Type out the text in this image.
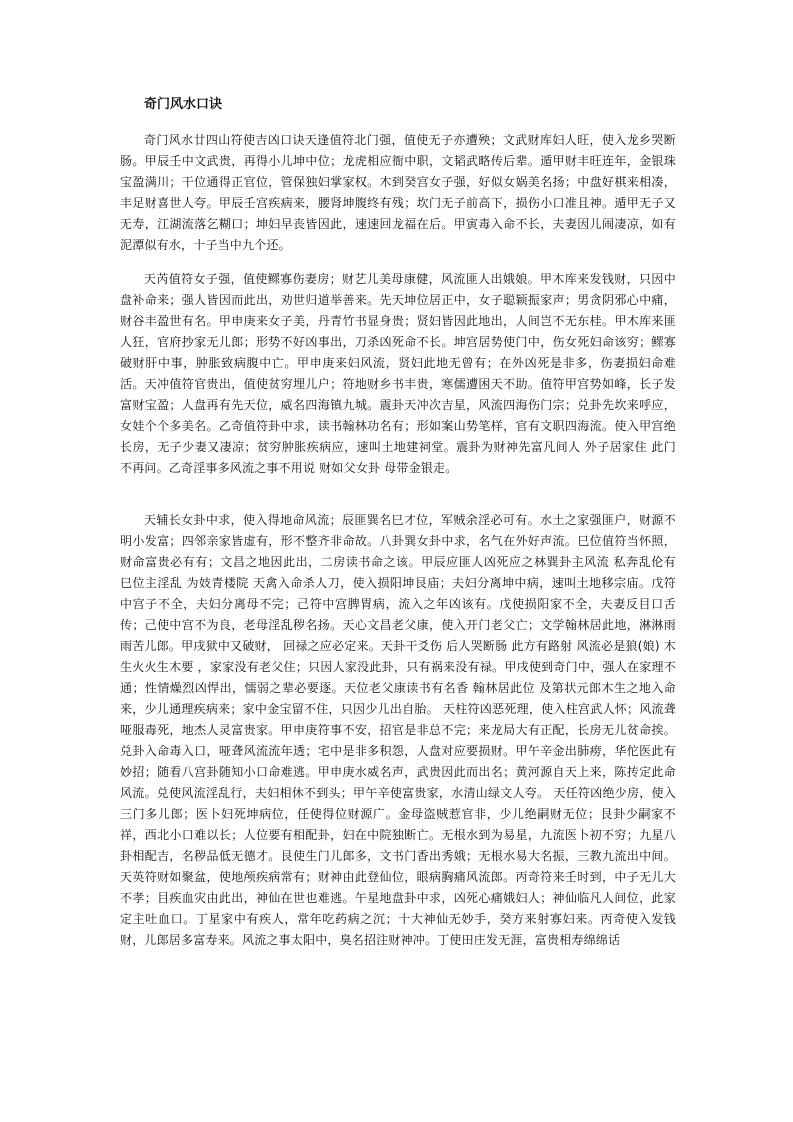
奇门风水口诀

奇门风水廿四山符使吉凶口诀天逢值符北门强，值使无子亦遭殃；文武财库妇人旺，使入龙乡哭断肠。甲辰壬中文武贵，再得小儿坤中位；龙虎相应衙中职，文韬武略传后辈。遁甲财丰旺连年，金银珠宝盈满川；干位通得正官位，管保独妇掌家权。木到癸宫女子强，好似女娲美名扬；中盘好棋来相凑，丰足财喜世人夸。甲辰壬宫疾病来，腰肾坤腹终有残；坎门无子前高下，损伤小口准且神。遁甲无子又无寿，江湖流落乞糊口；坤妇早丧皆因此，速速回龙福在后。甲寅毒入命不长，夫妻因儿闹凄凉，如有泥潭似有水，十子当中九个还。

天芮值符女子强，值使鳏寡伤妻房；财艺儿美母康健，风流匪人出娥娘。甲木库来发钱财，只因中盘补命来；强人皆因而此出，劝世归道举善来。先天坤位居正中，女子聪颖振家声；男贪阴邪心中痛，财谷丰盈世有名。甲申庚来女子美，丹青竹书显身贵；贤妇皆因此地出，人间岂不无东桂。甲木库来匪人狂，官府抄家无儿郎；形势不好凶事出，刀杀凶死命不长。坤宫居势使门中，伤女死妇命该穷；鳏寡破财肝中事，肿胀致病腹中亡。甲申庚来妇风流，贤妇此地无曾有；在外凶死是非多，伤妻损妇命难活。天冲值符官贵出，值使贫穷埋儿户；符地财乡书丰贵，寒儒遭困天不助。值符甲宫势如峰，长子发富财宝盈；人盘再有先天位，威名四海镇九城。震卦天冲次吉星，风流四海伤门宗；兑卦先坎来呼应，女娃个个多美名。乙奇值符卦中求，读书翰林功名有；形如案山势笔样，官有文职四海流。使入甲宫绝长房，无子少妻又凄凉；贫穷肿胀疾病应，速叫土地建祠堂。震卦为财神先富凡间人 外子居家住 此门不再问。乙奇淫事多风流之事不用说 财如父女卦 母带金银走。

天辅长女卦中求，使入得地命风流；辰匪巽名巳才位，军贼余淫必可有。水土之家强匪户，财源不明小发富；四邻亲家皆虚有，形不整齐非命故。八卦巽女卦中求，名气在外好声流。巳位值符当怀照，财命富贵必有有；文昌之地因此出，二房读书命之该。甲辰应匪人凶死应之林巽卦主风流 私奔乱伦有 巳位主淫乱 为妓青楼院 天禽入命杀人刀，使入损阳坤艮庙；夫妇分离坤中病，速叫土地移宗庙。戊符中宫子不全，夫妇分离母不完；己符中宫脾胃病，流入之年凶该有。戊使损阳家不全，夫妻反目口舌传；己使中宫不为良，老母淫乱秽名扬。天心文昌老父康，使入开门老父亡；文学翰林居此地，淋淋雨雨苦儿郎。甲戌狱中又破财， 回禄之应必定来。天卦干爻伤 后人哭断肠 此方有路射 风流必是狼(娘) 木生火火生木要 ，家家没有老父住；只因人家没此卦，只有祸来没有禄。甲戌使到奇门中，强人在家理不通；性情燥烈凶悍出，懦弱之辈必要逐。天位老父康读书有名香 翰林居此位 及第状元郎木生之地入命来，少儿通理疾病来；家中金宝留不住，只因少儿出自胎。 天柱符凶恶死理，使入柱宫武人怀；风流聋哑服毒死，地杰人灵富贵家。甲申庚符事不安，招官是非总不完；来龙局大有正配，长房无儿贫命挨。兑卦入命毒入口，哑聋风流流年透；宅中是非多积怨，人盘对应要损财。甲午辛金出肺痨，华佗医此有妙招；随看八宫卦随知小口命难逃。甲申庚水威名声，武贵因此而出名；黄河源自天上来，陈抟定此命风流。兑使风流淫乱行，夫妇相休不到头；甲午辛使富贵家，水清山绿文人夸。 天任符凶绝少房，使入三门多儿郎；医卜妇死坤病位，任使得位财源广。金母盗贼惹官非，少儿绝嗣财无位；艮卦少嗣家不祥，西北小口难以长；人位要有相配卦，妇在中院独断亡。无根水到为易星，九流医卜初不穷；九星八卦相配吉，名秽品低无德才。艮使生门儿郎多，文书门香出秀娥；无根水易大名振，三教九流出中间。天英符财如聚盆，使地颅疾病常有；财神由此登仙位，眼病胸痛风流郎。丙奇符来壬时到，中子无儿大不孝；目疾血灾由此出，神仙在世也难逃。午星地盘卦中求，凶死心痛娥妇人；神仙临凡人间位，此家定主吐血口。丁星家中有疾人，常年吃药病之沉；十大神仙无妙手，癸方来射寡妇来。丙奇使入发钱财，儿郎居多富寿来。风流之事太阳中，臭名招注财神冲。丁使田庄发无涯，富贵相寿绵绵话
